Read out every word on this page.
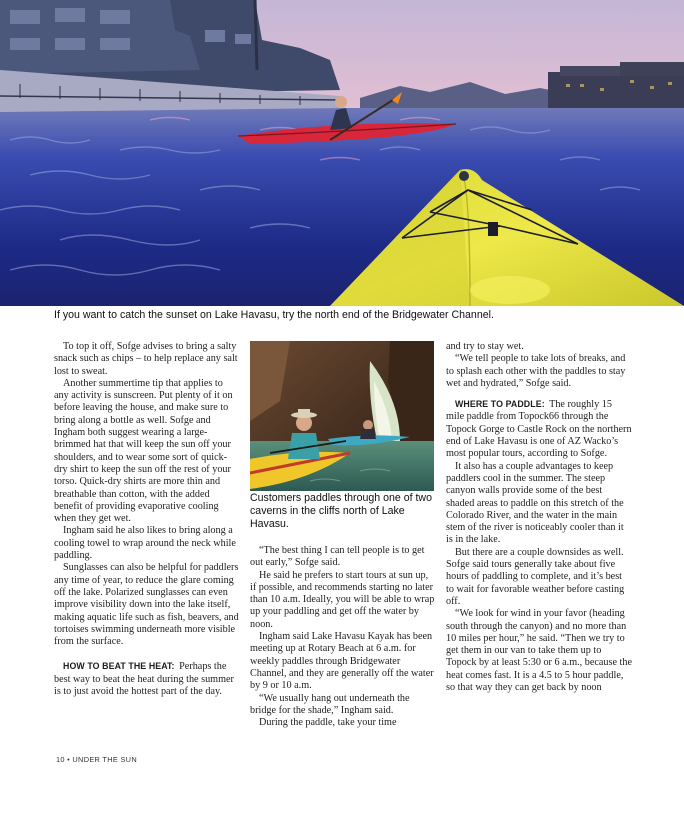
If you want to catch the sunset on Lake Havasu, try the north end of the Bridgewater Channel.

To top it off, Sofge advises to bring a salty snack such as chips – to help replace any salt lost to sweat.

Another summertime tip that applies to any activity is sunscreen. Put plenty of it on before leaving the house, and make sure to bring along a bottle as well. Sofge and Ingham both suggest wearing a large-brimmed hat that will keep the sun off your shoulders, and to wear some sort of quick-dry shirt to keep the sun off the rest of your torso. Quick-dry shirts are more thin and breathable than cotton, with the added benefit of providing evaporative cooling when they get wet.

Ingham said he also likes to bring along a cooling towel to wrap around the neck while paddling.

Sunglasses can also be helpful for paddlers any time of year, to reduce the glare coming off the lake. Polarized sunglasses can even improve visibility down into the lake itself, making aquatic life such as fish, beavers, and tortoises swimming underneath more visible from the surface.

HOW TO BEAT THE HEAT: Perhaps the best way to beat the heat during the summer is to just avoid the hottest part of the day.

Customers paddles through one of two caverns in the cliffs north of Lake Havasu.

“The best thing I can tell people is to get out early,” Sofge said.

He said he prefers to start tours at sun up, if possible, and recommends starting no later than 10 a.m. Ideally, you will be able to wrap up your paddling and get off the water by noon.

Ingham said Lake Havasu Kayak has been meeting up at Rotary Beach at 6 a.m. for weekly paddles through Bridgewater Channel, and they are generally off the water by 9 or 10 a.m.

“We usually hang out underneath the bridge for the shade,” Ingham said.

During the paddle, take your time

and try to stay wet.

“We tell people to take lots of breaks, and to splash each other with the paddles to stay wet and hydrated,” Sofge said.

WHERE TO PADDLE: The roughly 15 mile paddle from Topock66 through the Topock Gorge to Castle Rock on the northern end of Lake Havasu is one of AZ Wacko’s most popular tours, according to Sofge.

It also has a couple advantages to keep paddlers cool in the summer. The steep canyon walls provide some of the best shaded areas to paddle on this stretch of the Colorado River, and the water in the main stem of the river is noticeably cooler than it is in the lake.

But there are a couple downsides as well. Sofge said tours generally take about five hours of paddling to complete, and it’s best to wait for favorable weather before casting off.

“We look for wind in your favor (heading south through the canyon) and no more than 10 miles per hour,” he said. “Then we try to get them in our van to take them up to Topock by at least 5:30 or 6 a.m., because the heat comes fast. It is a 4.5 to 5 hour paddle, so that way they can get back by noon

10 • UNDER THE SUN
